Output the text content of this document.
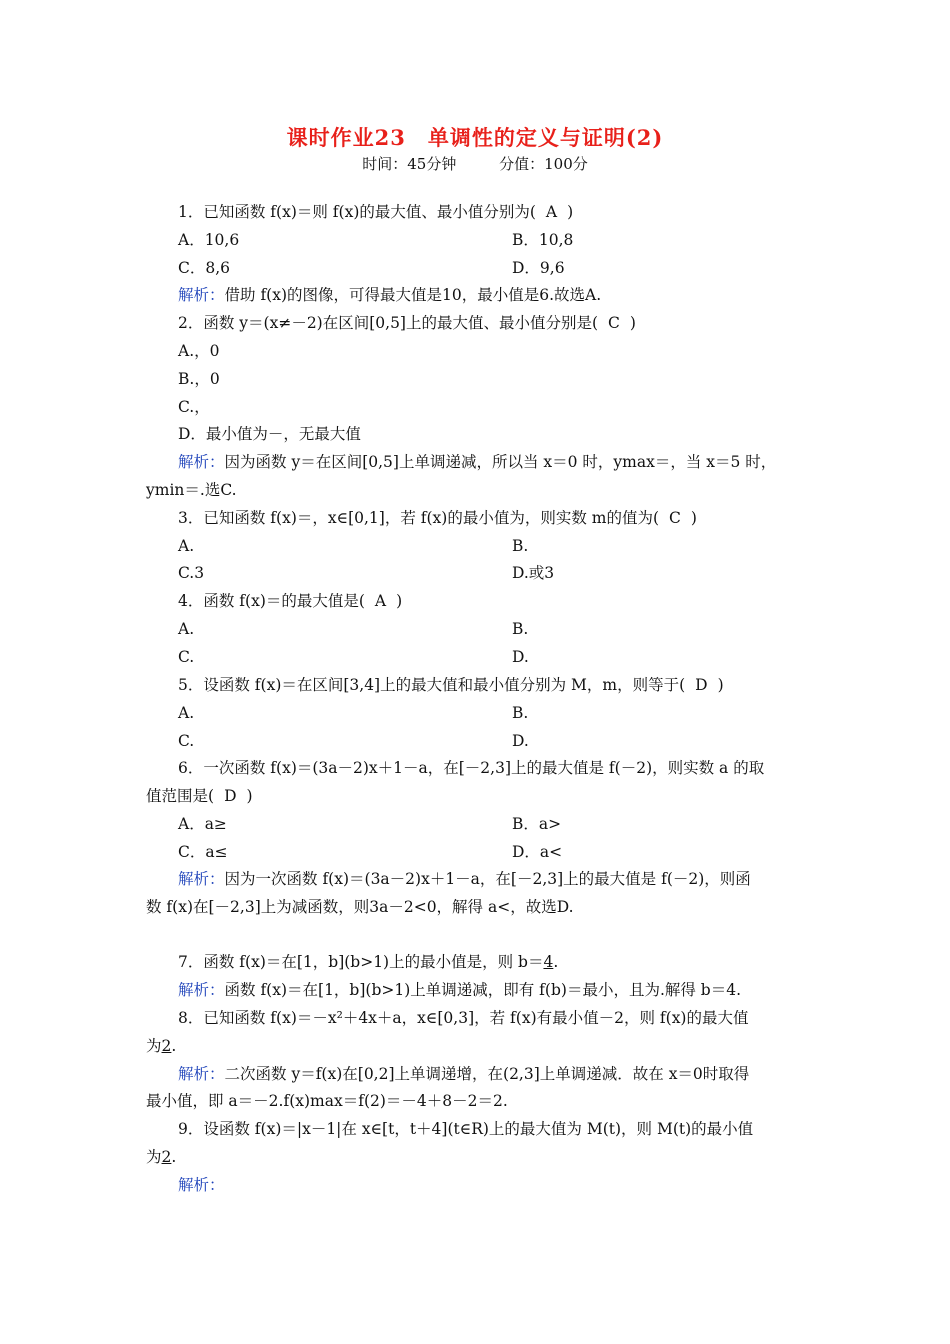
课时作业23　单调性的定义与证明(2)
时间：45分钟	分值：100分
1．已知函数 f(x)＝则 f(x)的最大值、最小值分别为( A )
A．10,6	B．10,8
C．8,6	D．9,6
解析：借助 f(x)的图像，可得最大值是10，最小值是6.故选A.
2．函数 y＝(x≠－2)在区间[0,5]上的最大值、最小值分别是( C )
A.，0
B.，0
C.，
D．最小值为－，无最大值
解析：因为函数 y＝在区间[0,5]上单调递减，所以当 x＝0 时，ymax＝，当 x＝5 时，
ymin＝.选C.
3．已知函数 f(x)＝，x∈[0,1]，若 f(x)的最小值为，则实数 m的值为( C )
A.	B.
C.3	D.或3
4．函数 f(x)＝的最大值是( A )
A.	B.
C.	D.
5．设函数 f(x)＝在区间[3,4]上的最大值和最小值分别为 M，m，则等于( D )
A.	B.
C.	D.
6．一次函数 f(x)＝(3a－2)x＋1－a，在[－2,3]上的最大值是 f(－2)，则实数 a 的取
值范围是( D )
A．a≥	B．a>
C．a≤	D．a<
解析：因为一次函数 f(x)＝(3a－2)x＋1－a，在[－2,3]上的最大值是 f(－2)，则函
数 f(x)在[－2,3]上为减函数，则3a－2<0，解得 a<，故选D.
7．函数 f(x)＝在[1，b](b>1)上的最小值是，则 b＝4.
解析：函数 f(x)＝在[1，b](b>1)上单调递减，即有 f(b)＝最小，且为.解得 b＝4.
8．已知函数 f(x)＝－x²＋4x＋a，x∈[0,3]，若 f(x)有最小值－2，则 f(x)的最大值
为2.
解析：二次函数 y＝f(x)在[0,2]上单调递增，在(2,3]上单调递减．故在 x＝0时取得
最小值，即 a＝－2.f(x)max＝f(2)＝－4＋8－2＝2.
9．设函数 f(x)＝|x－1|在 x∈[t，t＋4](t∈R)上的最大值为 M(t)，则 M(t)的最小值
为2.
解析：
